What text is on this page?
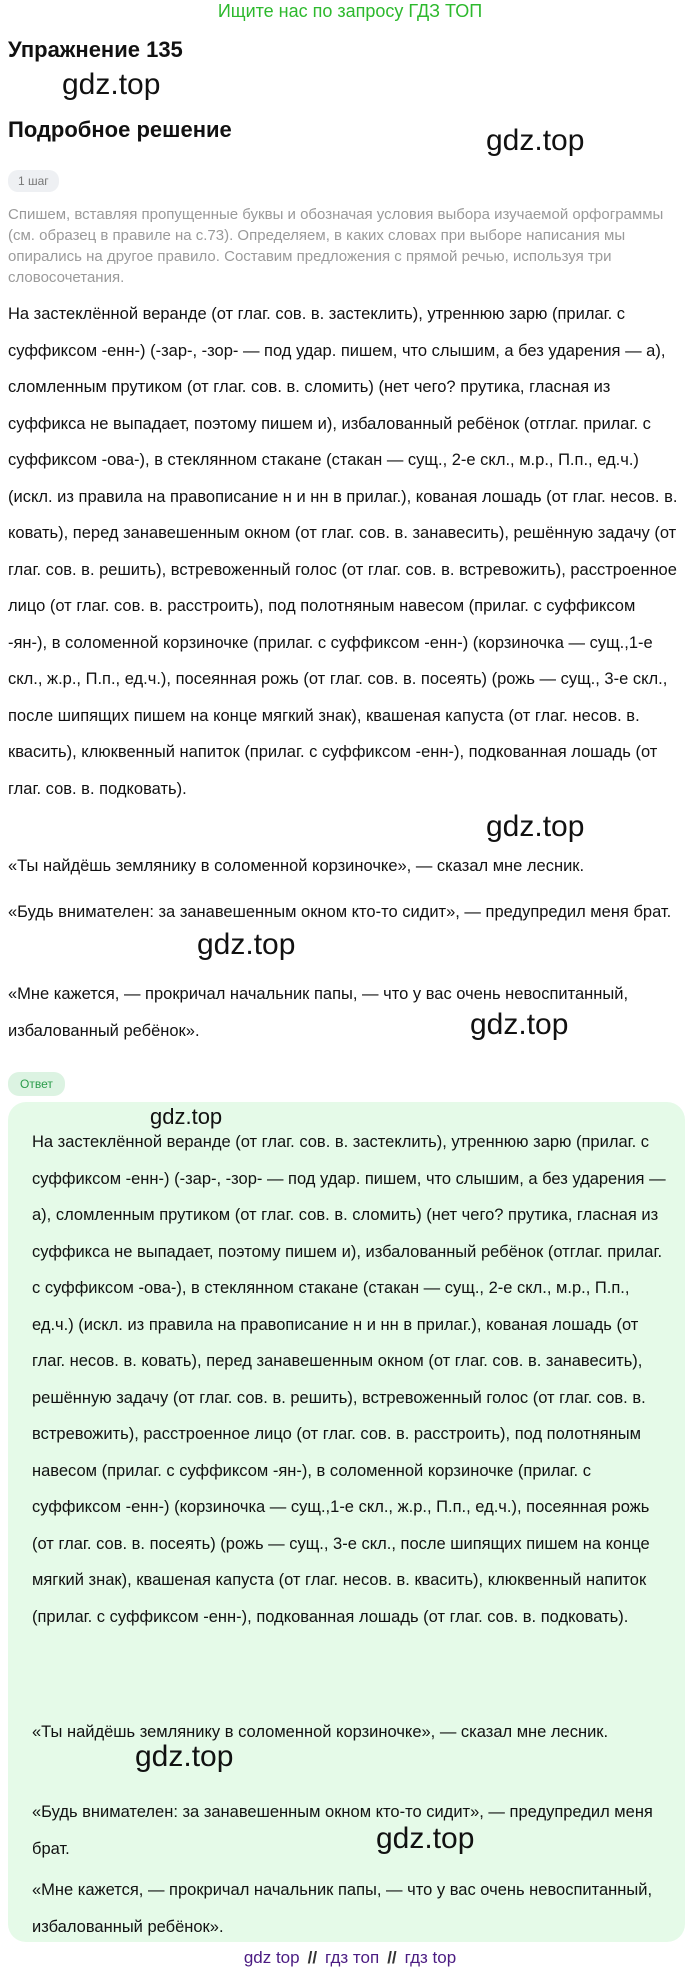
Ищите нас по запросу ГДЗ ТОП
Упражнение 135
gdz.top
Подробное решение	gdz.top
1 шаг

Спишем, вставляя пропущенные буквы и обозначая условия выбора изучаемой орфограммы (см. образец в правиле на с.73). Определяем, в каких словах при выборе написания мы опирались на другое правило. Составим предложения с прямой речью, используя три словосочетания.

На застеклённой веранде (от глаг. сов. в. застеклить), утреннюю зарю (прилаг. с суффиксом -енн-) (-зар-, -зор- — под удар. пишем, что слышим, а без ударения — а), сломленным прутиком (от глаг. сов. в. сломить) (нет чего? прутика, гласная из суффикса не выпадает, поэтому пишем и), избалованный ребёнок (отглаг. прилаг. с суффиксом -ова-), в стеклянном стакане (стакан — сущ., 2-е скл., м.р., П.п., ед.ч.) (искл. из правила на правописание н и нн в прилаг.), кованая лошадь (от глаг. несов. в. ковать), перед занавешенным окном (от глаг. сов. в. занавесить), решённую задачу (от глаг. сов. в. решить), встревоженный голос (от глаг. сов. в. встревожить), расстроенное лицо (от глаг. сов. в. расстроить), под полотняным навесом (прилаг. с суффиксом -ян-), в соломенной корзиночке (прилаг. с суффиксом -енн-) (корзиночка — сущ.,1-е скл., ж.р., П.п., ед.ч.), посеянная рожь (от глаг. сов. в. посеять) (рожь — сущ., 3-е скл., после шипящих пишем на конце мягкий знак), квашеная капуста (от глаг. несов. в. квасить), клюквенный напиток (прилаг. с суффиксом -енн-), подкованная лошадь (от глаг. сов. в. подковать).

gdz.top

«Ты найдёшь землянику в соломенной корзиночке», — сказал мне лесник.

«Будь внимателен: за занавешенным окном кто-то сидит», — предупредил меня брат.

gdz.top

«Мне кажется, — прокричал начальник папы, — что у вас очень невоспитанный, избалованный ребёнок».	gdz.top
Ответ
gdz.top

На застеклённой веранде (от глаг. сов. в. застеклить), утреннюю зарю (прилаг. с суффиксом -енн-) (-зар-, -зор- — под удар. пишем, что слышим, а без ударения — а), сломленным прутиком (от глаг. сов. в. сломить) (нет чего? прутика, гласная из суффикса не выпадает, поэтому пишем и), избалованный ребёнок (отглаг. прилаг. с суффиксом -ова-), в стеклянном стакане (стакан — сущ., 2-е скл., м.р., П.п., ед.ч.) (искл. из правила на правописание н и нн в прилаг.), кованая лошадь (от глаг. несов. в. ковать), перед занавешенным окном (от глаг. сов. в. занавесить), решённую задачу (от глаг. сов. в. решить), встревоженный голос (от глаг. сов. в. встревожить), расстроенное лицо (от глаг. сов. в. расстроить), под полотняным навесом (прилаг. с суффиксом -ян-), в соломенной корзиночке (прилаг. с суффиксом -енн-) (корзиночка — сущ.,1-е скл., ж.р., П.п., ед.ч.), посеянная рожь (от глаг. сов. в. посеять) (рожь — сущ., 3-е скл., после шипящих пишем на конце мягкий знак), квашеная капуста (от глаг. несов. в. квасить), клюквенный напиток (прилаг. с суффиксом -енн-), подкованная лошадь (от глаг. сов. в. подковать).

«Ты найдёшь землянику в соломенной корзиночке», — сказал мне лесник.

gdz.top

«Будь внимателен: за занавешенным окном кто-то сидит», — предупредил меня брат.	gdz.top

«Мне кажется, — прокричал начальник папы, — что у вас очень невоспитанный, избалованный ребёнок».

gdz top // гдз топ // гдз top
